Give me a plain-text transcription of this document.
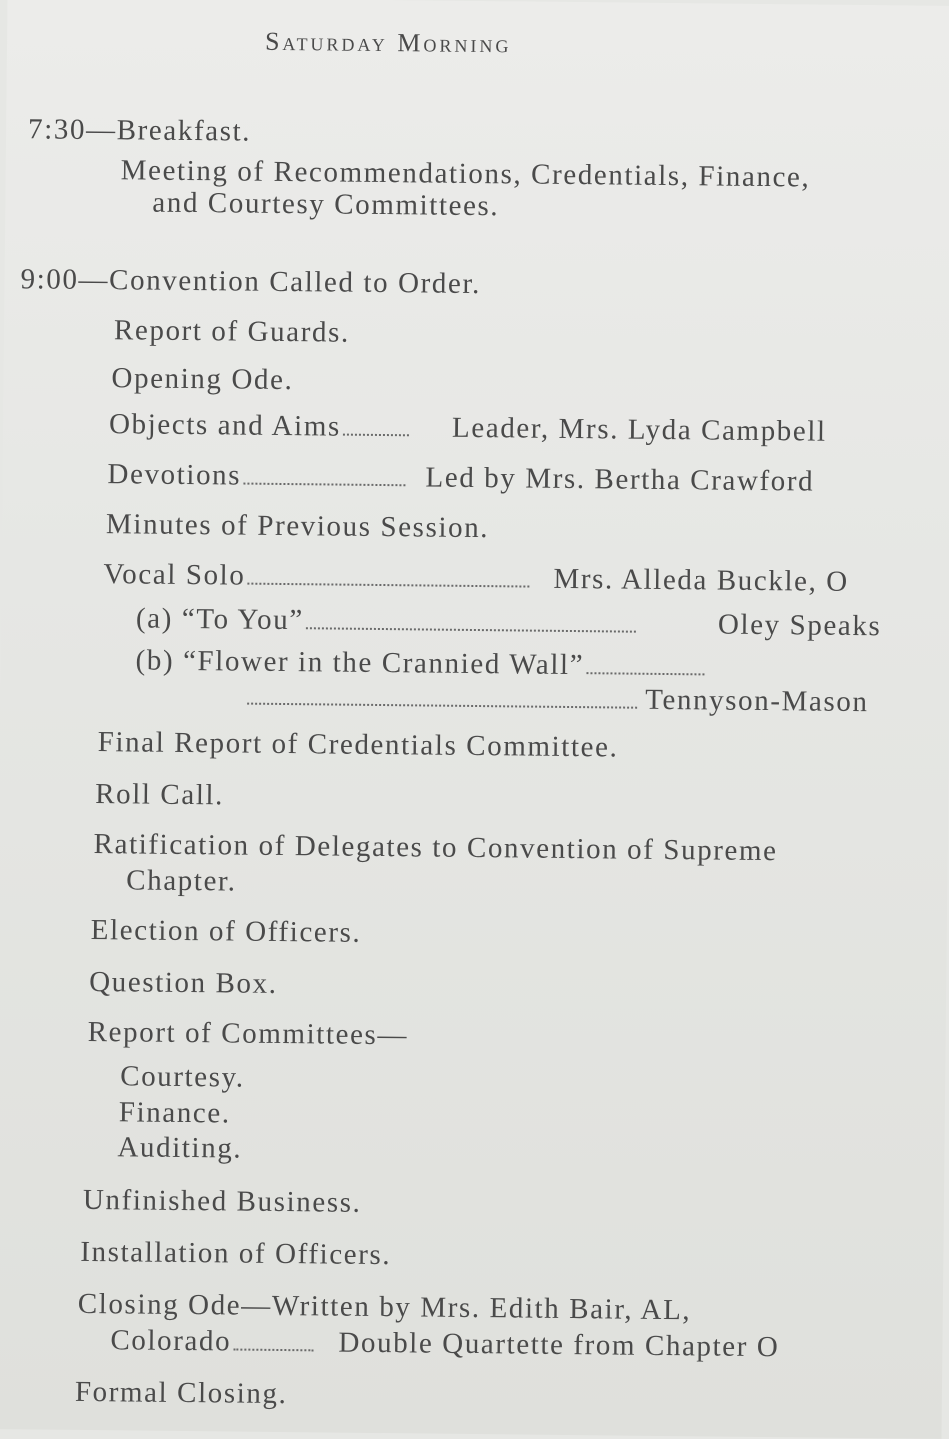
Saturday Morning
7:30—Breakfast.
Meeting of Recommendations, Credentials, Finance,
and Courtesy Committees.
9:00—Convention Called to Order.
Report of Guards.
Opening Ode.
Objects and Aims	Leader, Mrs. Lyda Campbell
Devotions	Led by Mrs. Bertha Crawford
Minutes of Previous Session.
Vocal Solo	Mrs. Alleda Buckle, O
(a) “To You”	Oley Speaks
(b) “Flower in the Crannied Wall”
Tennyson-Mason
Final Report of Credentials Committee.
Roll Call.
Ratification of Delegates to Convention of Supreme
Chapter.
Election of Officers.
Question Box.
Report of Committees—
Courtesy.
Finance.
Auditing.
Unfinished Business.
Installation of Officers.
Closing Ode—Written by Mrs. Edith Bair, AL,
Colorado	Double Quartette from Chapter O
Formal Closing.
